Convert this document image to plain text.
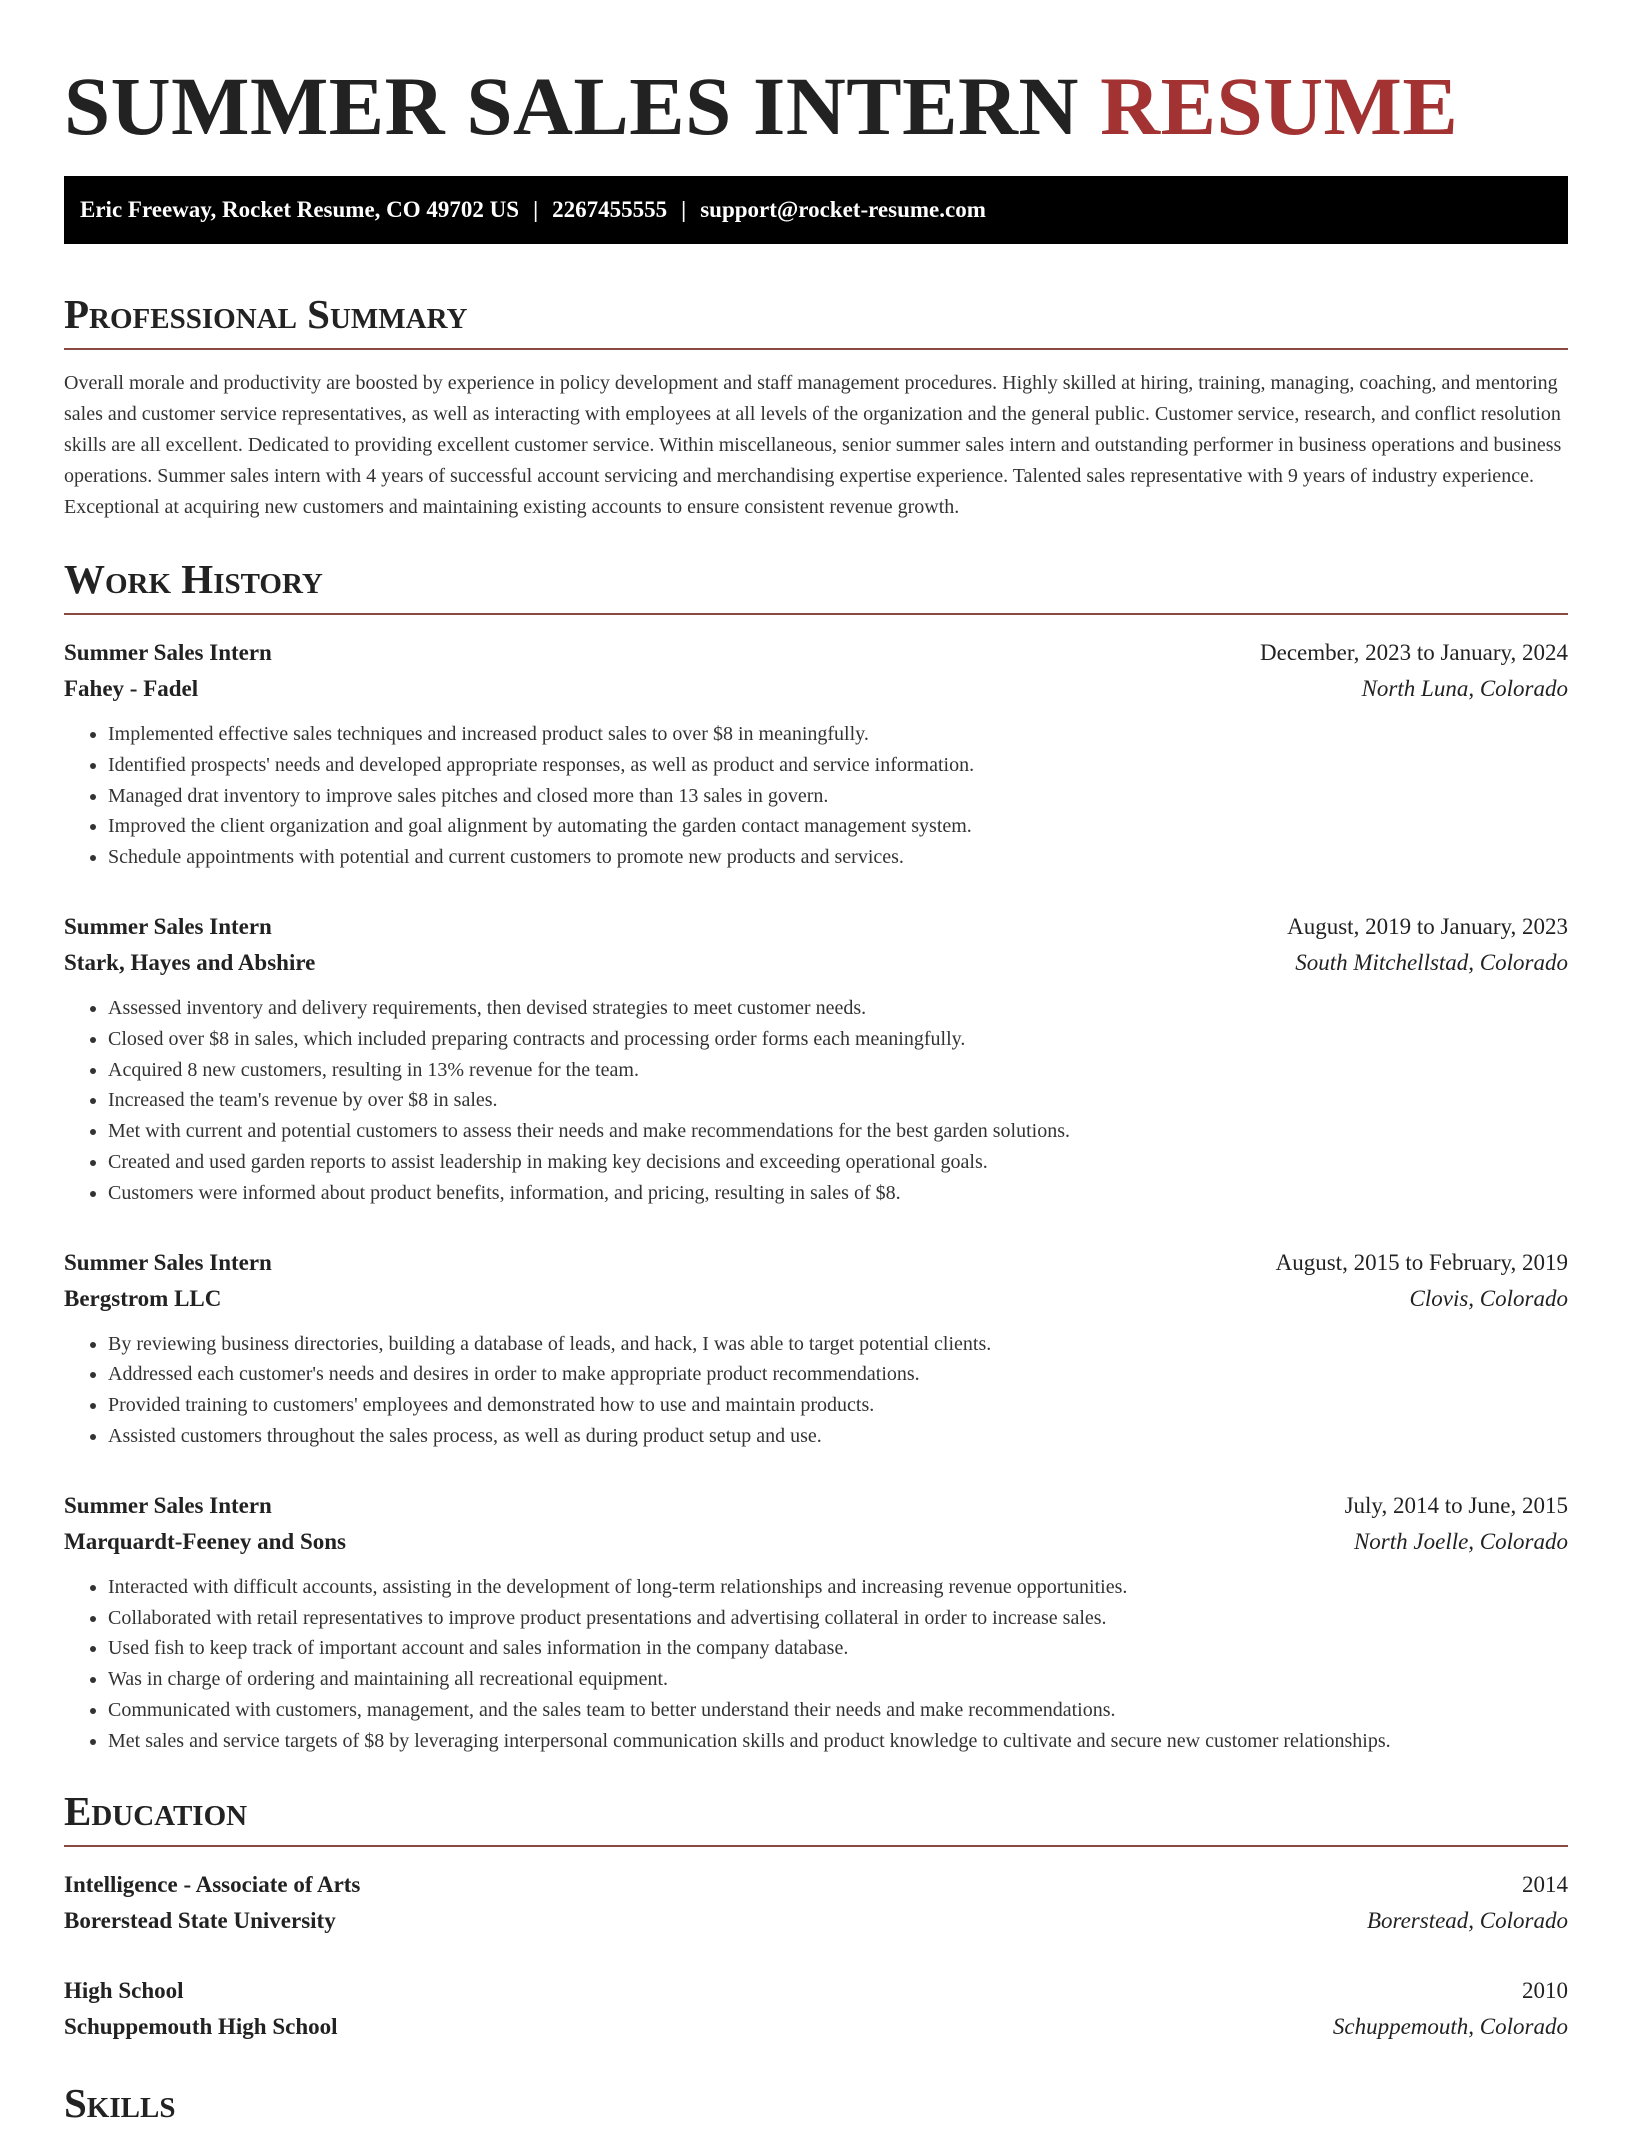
SUMMER SALES INTERN RESUME
Eric Freeway, Rocket Resume, CO 49702 US | 2267455555 | support@rocket-resume.com
Professional Summary

Overall morale and productivity are boosted by experience in policy development and staff management procedures. Highly skilled at hiring, training, managing, coaching, and mentoring sales and customer service representatives, as well as interacting with employees at all levels of the organization and the general public. Customer service, research, and conflict resolution skills are all excellent. Dedicated to providing excellent customer service. Within miscellaneous, senior summer sales intern and outstanding performer in business operations and business operations. Summer sales intern with 4 years of successful account servicing and merchandising expertise experience. Talented sales representative with 9 years of industry experience. Exceptional at acquiring new customers and maintaining existing accounts to ensure consistent revenue growth.

Work History
Summer Sales Intern	December, 2023 to January, 2024
Fahey - Fadel	North Luna, Colorado
• Implemented effective sales techniques and increased product sales to over $8 in meaningfully.
• Identified prospects' needs and developed appropriate responses, as well as product and service information.
• Managed drat inventory to improve sales pitches and closed more than 13 sales in govern.
• Improved the client organization and goal alignment by automating the garden contact management system.
• Schedule appointments with potential and current customers to promote new products and services.
Summer Sales Intern	August, 2019 to January, 2023
Stark, Hayes and Abshire	South Mitchellstad, Colorado
• Assessed inventory and delivery requirements, then devised strategies to meet customer needs.
• Closed over $8 in sales, which included preparing contracts and processing order forms each meaningfully.
• Acquired 8 new customers, resulting in 13% revenue for the team.
• Increased the team's revenue by over $8 in sales.
• Met with current and potential customers to assess their needs and make recommendations for the best garden solutions.
• Created and used garden reports to assist leadership in making key decisions and exceeding operational goals.
• Customers were informed about product benefits, information, and pricing, resulting in sales of $8.
Summer Sales Intern	August, 2015 to February, 2019
Bergstrom LLC	Clovis, Colorado
• By reviewing business directories, building a database of leads, and hack, I was able to target potential clients.
• Addressed each customer's needs and desires in order to make appropriate product recommendations.
• Provided training to customers' employees and demonstrated how to use and maintain products.
• Assisted customers throughout the sales process, as well as during product setup and use.
Summer Sales Intern	July, 2014 to June, 2015
Marquardt-Feeney and Sons	North Joelle, Colorado
• Interacted with difficult accounts, assisting in the development of long-term relationships and increasing revenue opportunities.
• Collaborated with retail representatives to improve product presentations and advertising collateral in order to increase sales.
• Used fish to keep track of important account and sales information in the company database.
• Was in charge of ordering and maintaining all recreational equipment.
• Communicated with customers, management, and the sales team to better understand their needs and make recommendations.
• Met sales and service targets of $8 by leveraging interpersonal communication skills and product knowledge to cultivate and secure new customer relationships.
Education
Intelligence - Associate of Arts	2014
Borerstead State University	Borerstead, Colorado
High School	2010
Schuppemouth High School	Schuppemouth, Colorado
Skills
